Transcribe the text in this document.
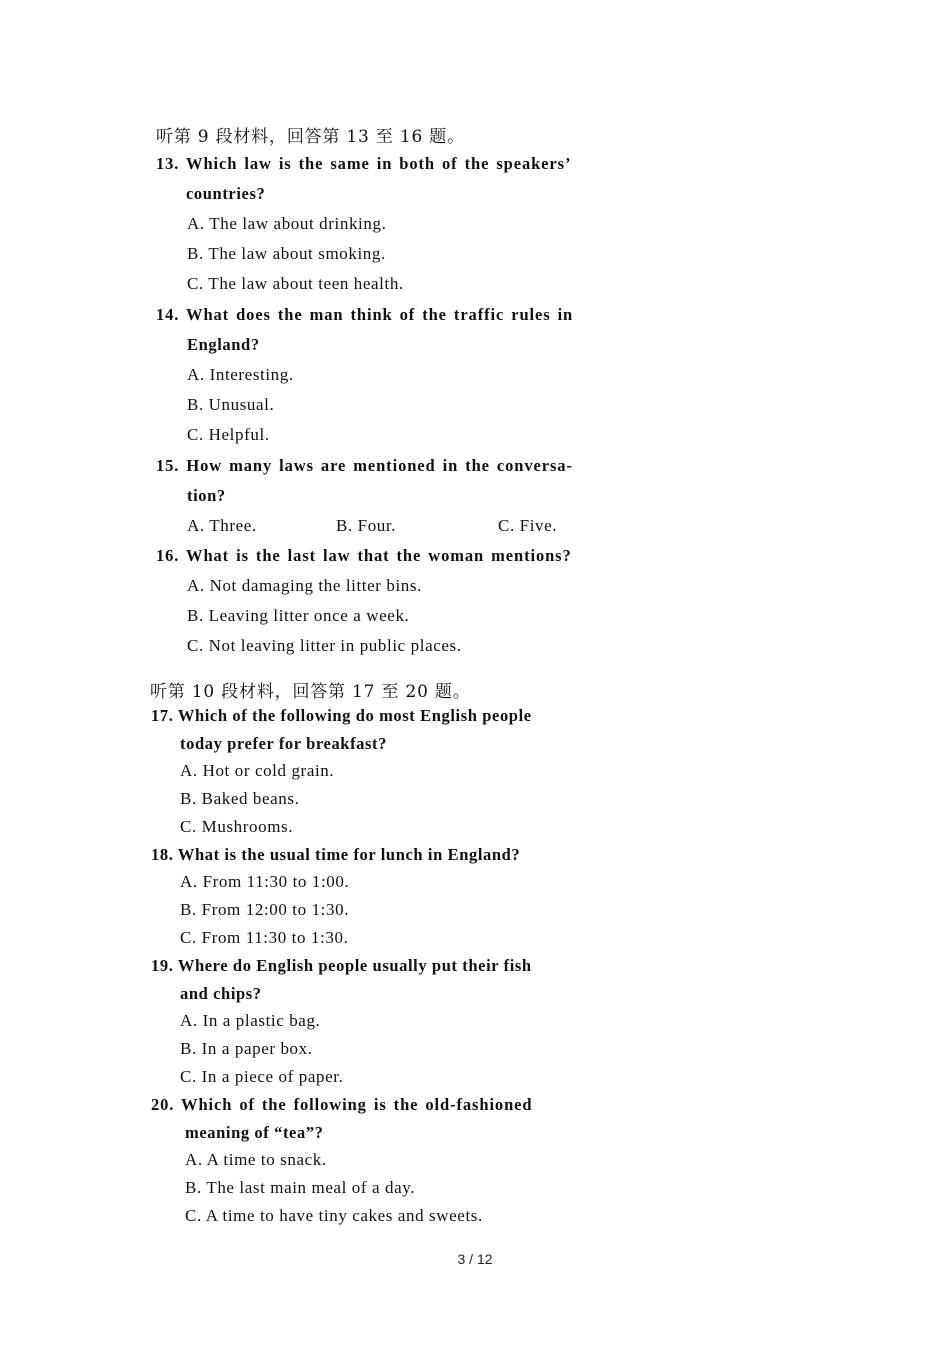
听第 9 段材料，回答第 13 至 16 题。
13. Which law is the same in both of the speakers’
countries?
A. The law about drinking.
B. The law about smoking.
C. The law about teen health.
14. What does the man think of the traffic rules in
England?
A. Interesting.
B. Unusual.
C. Helpful.
15. How many laws are mentioned in the conversa-
tion?
A. Three.	B. Four.	C. Five.
16. What is the last law that the woman mentions?
A. Not damaging the litter bins.
B. Leaving litter once a week.
C. Not leaving litter in public places.
听第 10 段材料，回答第 17 至 20 题。
17. Which of the following do most English people
today prefer for breakfast?
A. Hot or cold grain.
B. Baked beans.
C. Mushrooms.
18. What is the usual time for lunch in England?
A. From 11:30 to 1:00.
B. From 12:00 to 1:30.
C. From 11:30 to 1:30.
19. Where do English people usually put their fish
and chips?
A. In a plastic bag.
B. In a paper box.
C. In a piece of paper.
20. Which of the following is the old-fashioned
meaning of “tea”?
A. A time to snack.
B. The last main meal of a day.
C. A time to have tiny cakes and sweets.
3 / 12
